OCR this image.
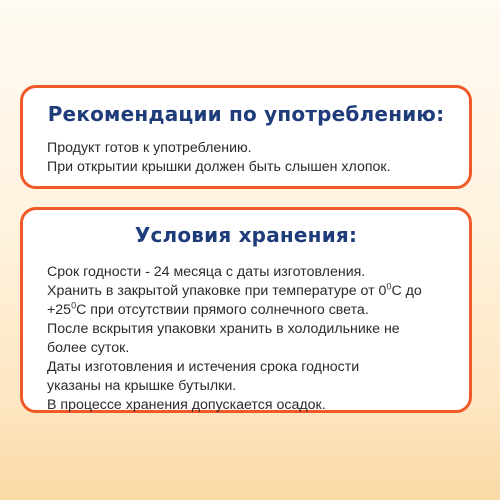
Рекомендации по употреблению:
Продукт готов к употреблению.
При открытии крышки должен быть слышен хлопок.
Условия хранения:
Срок годности - 24 месяца с даты изготовления.
Хранить в закрытой упаковке при температуре от $0^0С$ до
$+25^0С$ при отсутствии прямого солнечного света.
После вскрытия упаковки хранить в холодильнике не
более суток.
Даты изготовления и истечения срока годности
указаны на крышке бутылки.
В процессе хранения допускается осадок.
